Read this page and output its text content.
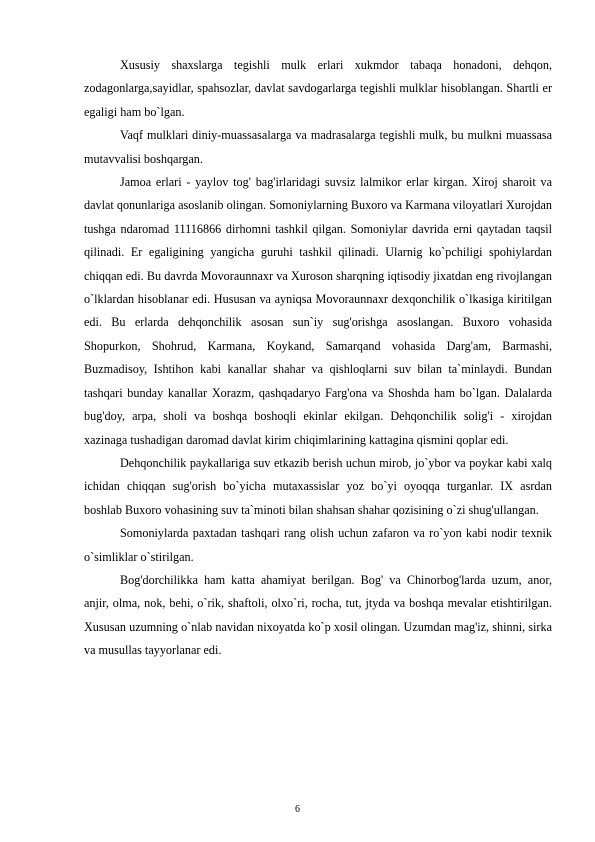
Xususiy shaxslarga tegishli mulk erlari xukmdor tabaqa honadoni, dehqon, zodagonlarga,sayidlar, spahsozlar, davlat savdogarlarga tegishli mulklar hisoblangan. Shartli er egaligi ham bo`lgan.

Vaqf mulklari diniy-muassasalarga va madrasalarga tegishli mulk, bu mulkni muassasa mutavvalisi boshqargan.

Jamoa erlari - yaylov tog' bag'irlaridagi suvsiz lalmikor erlar kirgan. Xiroj sharoit va davlat qonunlariga asoslanib olingan. Somoniylarning Buxoro va Karmana viloyatlari Xurojdan tushga ndaromad 11116866 dirhomni tashkil qilgan. Somoniylar davrida erni qaytadan taqsil qilinadi. Er egaligining yangicha guruhi tashkil qilinadi. Ularnig ko`pchiligi spohiylardan chiqqan edi. Bu davrda Movoraunnaxr va Xuroson sharqning iqtisodiy jixatdan eng rivojlangan o`lklardan hisoblanar edi. Hususan va ayniqsa Movoraunnaxr dexqonchilik o`lkasiga kiritilgan edi. Bu erlarda dehqonchilik asosan sun`iy sug'orishga asoslangan. Buxoro vohasida Shopurkon, Shohrud, Karmana, Koykand, Samarqand vohasida Darg'am, Barmashi, Buzmadisoy, Ishtihon kabi kanallar shahar va qishloqlarni suv bilan ta`minlaydi. Bundan tashqari bunday kanallar Xorazm, qashqadaryo Farg'ona va Shoshda ham bo`lgan. Dalalarda bug'doy, arpa, sholi va boshqa boshoqli ekinlar ekilgan. Dehqonchilik solig'i - xirojdan xazinaga tushadigan daromad davlat kirim chiqimlarining kattagina qismini qoplar edi.

Dehqonchilik paykallariga suv etkazib berish uchun mirob, jo`ybor va poykar kabi xalq ichidan chiqqan sug'orish bo`yicha mutaxassislar yoz bo`yi oyoqqa turganlar. IX asrdan boshlab Buxoro vohasining suv ta`minoti bilan shahsan shahar qozisining o`zi shug'ullangan.

Somoniylarda paxtadan tashqari rang olish uchun zafaron va ro`yon kabi nodir texnik o`simliklar o`stirilgan.

Bog'dorchilikka ham katta ahamiyat berilgan. Bog' va Chinorbog'larda uzum, anor, anjir, olma, nok, behi, o`rik, shaftoli, olxo`ri, rocha, tut, jtyda va boshqa mevalar etishtirilgan. Xususan uzumning o`nlab navidan nixoyatda ko`p xosil olingan. Uzumdan mag'iz, shinni, sirka va musullas tayyorlanar edi.

6
